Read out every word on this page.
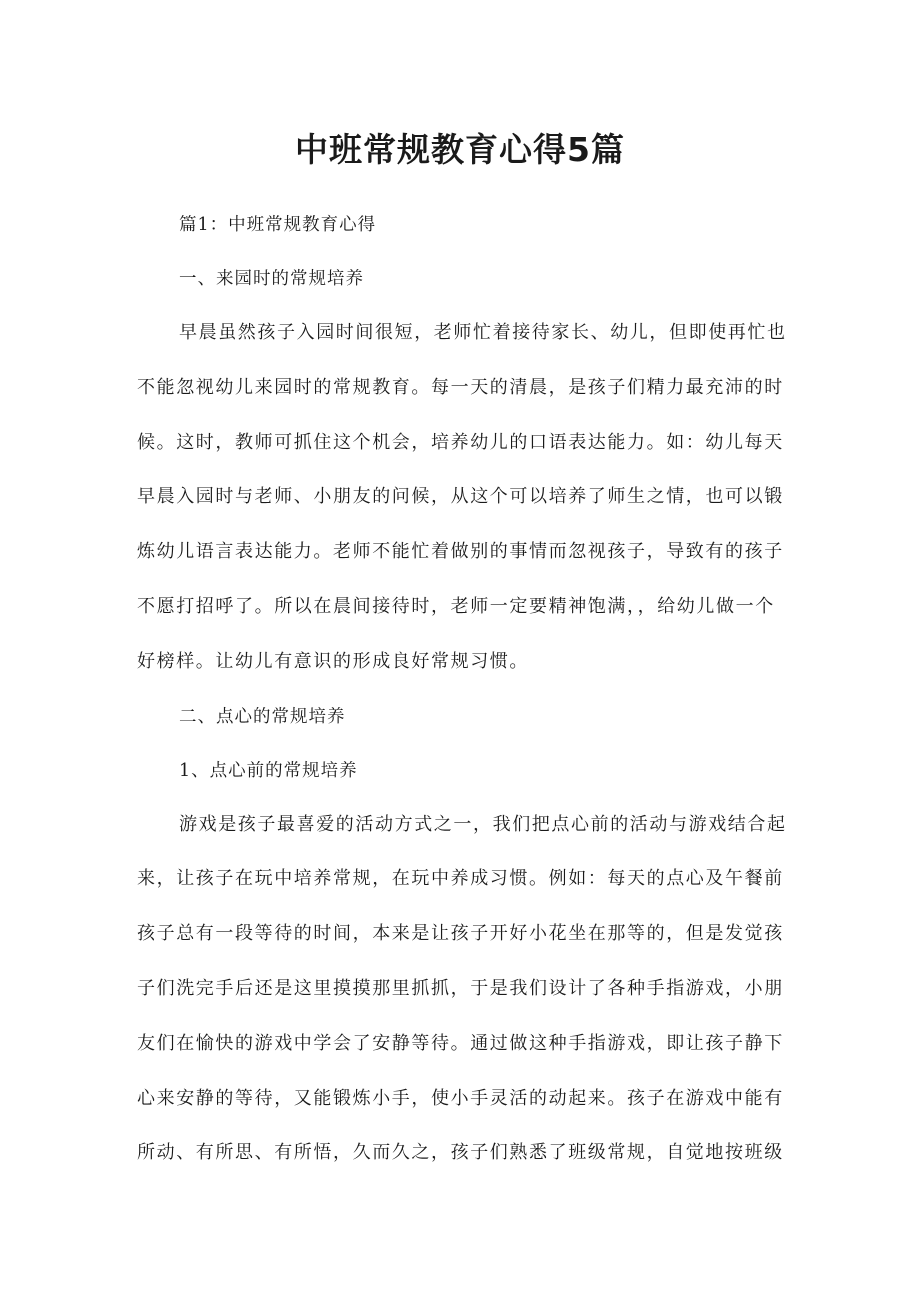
中班常规教育心得5篇

篇1：中班常规教育心得

一、来园时的常规培养

早晨虽然孩子入园时间很短，老师忙着接待家长、幼儿，但即使再忙也
不能忽视幼儿来园时的常规教育。每一天的清晨，是孩子们精力最充沛的时
候。这时，教师可抓住这个机会，培养幼儿的口语表达能力。如：幼儿每天
早晨入园时与老师、小朋友的问候，从这个可以培养了师生之情，也可以锻
炼幼儿语言表达能力。老师不能忙着做别的事情而忽视孩子，导致有的孩子
不愿打招呼了。所以在晨间接待时，老师一定要精神饱满，，给幼儿做一个
好榜样。让幼儿有意识的形成良好常规习惯。

二、点心的常规培养

1、点心前的常规培养

游戏是孩子最喜爱的活动方式之一，我们把点心前的活动与游戏结合起
来，让孩子在玩中培养常规，在玩中养成习惯。例如：每天的点心及午餐前
孩子总有一段等待的时间，本来是让孩子开好小花坐在那等的，但是发觉孩
子们洗完手后还是这里摸摸那里抓抓，于是我们设计了各种手指游戏，小朋
友们在愉快的游戏中学会了安静等待。通过做这种手指游戏，即让孩子静下
心来安静的等待，又能锻炼小手，使小手灵活的动起来。孩子在游戏中能有
所动、有所思、有所悟，久而久之，孩子们熟悉了班级常规，自觉地按班级
